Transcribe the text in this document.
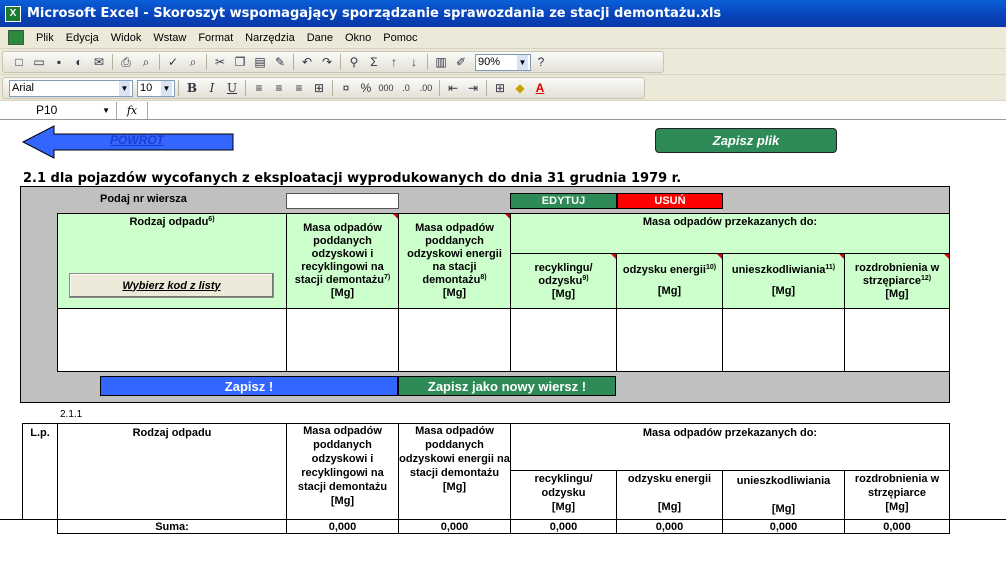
X Microsoft Excel - Skoroszyt wspomagający sporządzanie sprawozdania ze stacji demontażu.xls
Plik	Edycja	Widok	Wstaw	Format	Narzędzia	Dane	Okno	Pomoc
□ ▭	▪	◐ ✉	⎙ ⌕	✓ ⌕	✂ ❐ ▤ ✎	↶ ↷	⚲ Σ	↑	↓	▥ ✐	90% ▼ ?
Arial	▼ 10 ▼	B	I	U	≡	≡	≡ ⊞	¤ % 000 .0	.00	⇤ ⇥	⊞ ◆ A
P10	▼	fx
POWRÓT	Zapisz plik
2.1 dla pojazdów wycofanych z eksploatacji wyprodukowanych do dnia 31 grudnia 1979 r.
Podaj nr wiersza	EDYTUJ	USUŃ
Rodzaj odpadu$^{6)}$
Wybierz kod z listy
Masa odpadów poddanych odzyskowi i recyklingowi na stacji demontażu$^{7)}$
[Mg]
Masa odpadów poddanych odzyskowi energii na stacji demontażu$^{8)}$
[Mg]
Masa odpadów przekazanych do:
recyklingu/ odzysku$^{9)}$
[Mg]
odzysku energii$^{10)}$
[Mg]
unieszkodliwiania$^{11)}$
[Mg]
rozdrobnienia w strzępiarce$^{12)}$
[Mg]
Zapisz !	Zapisz jako nowy wiersz !
2.1.1
L.p.	Rodzaj odpadu	Masa odpadów poddanych odzyskowi i recyklingowi na stacji demontażu
[Mg]
Masa odpadów poddanych odzyskowi energii na stacji demontażu
[Mg]
Masa odpadów przekazanych do:
recyklingu/ odzysku
[Mg]
odzysku energii

[Mg]
unieszkodliwiania

[Mg]
rozdrobnienia w strzępiarce
[Mg]
Suma:	0,000	0,000	0,000	0,000	0,000	0,000
